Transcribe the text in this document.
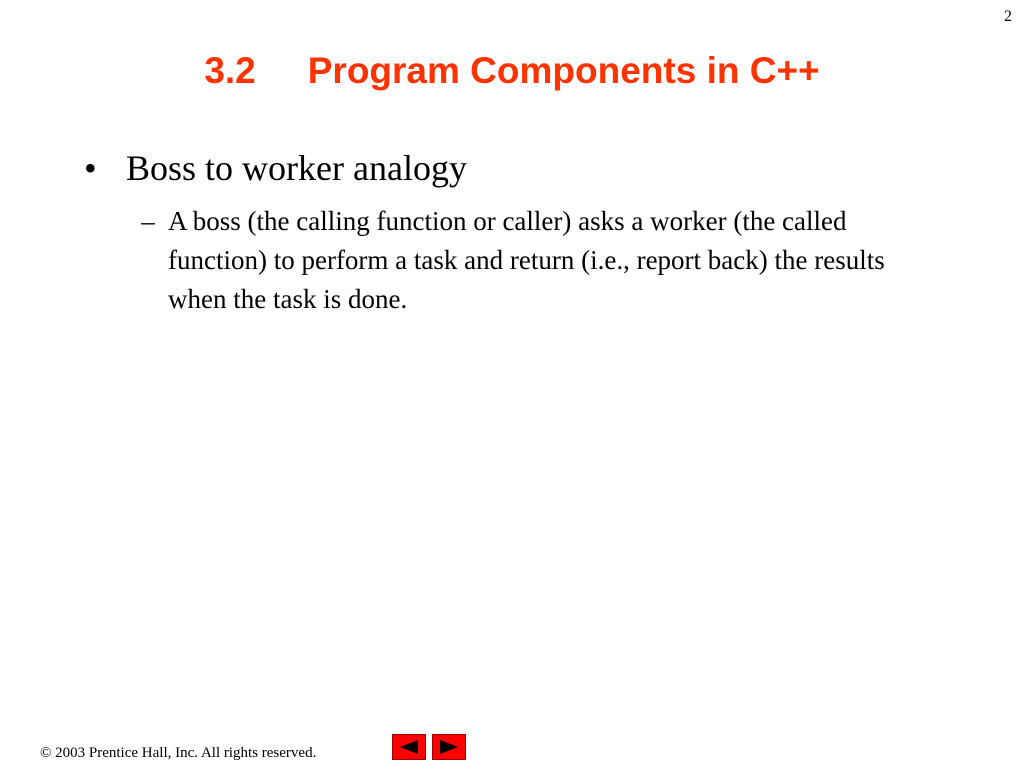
2
3.2 Program Components in C++
• Boss to worker analogy
– A boss (the calling function or caller) asks a worker (the called function) to perform a task and return (i.e., report back) the results when the task is done.
© 2003 Prentice Hall, Inc. All rights reserved.
